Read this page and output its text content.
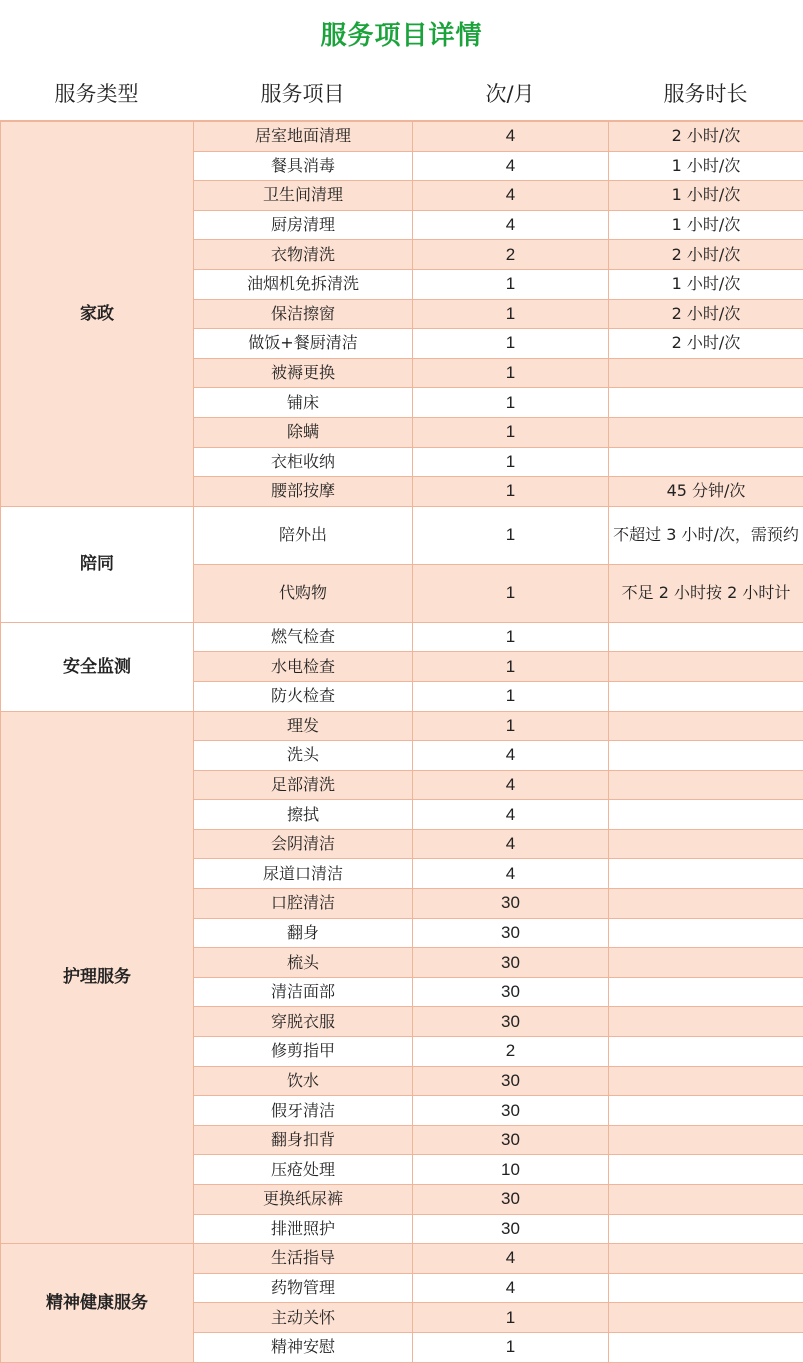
服务项目详情
服务类型	服务项目	次/月	服务时长
家政	居室地面清理	4	2 小时/次
	餐具消毒	4	1 小时/次
	卫生间清理	4	1 小时/次
	厨房清理	4	1 小时/次
	衣物清洗	2	2 小时/次
	油烟机免拆清洗	1	1 小时/次
	保洁擦窗	1	2 小时/次
	做饭+餐厨清洁	1	2 小时/次
	被褥更换	1	
	铺床	1	
	除螨	1	
	衣柜收纳	1	
	腰部按摩	1	45 分钟/次
陪同	陪外出	1	不超过 3 小时/次，需预约
	代购物	1	不足 2 小时按 2 小时计
安全监测	燃气检查	1	
	水电检查	1	
	防火检查	1	
护理服务	理发	1	
	洗头	4	
	足部清洗	4	
	擦拭	4	
	会阴清洁	4	
	尿道口清洁	4	
	口腔清洁	30	
	翻身	30	
	梳头	30	
	清洁面部	30	
	穿脱衣服	30	
	修剪指甲	2	
	饮水	30	
	假牙清洁	30	
	翻身扣背	30	
	压疮处理	10	
	更换纸尿裤	30	
	排泄照护	30	
精神健康服务	生活指导	4	
	药物管理	4	
	主动关怀	1	
	精神安慰	1	
